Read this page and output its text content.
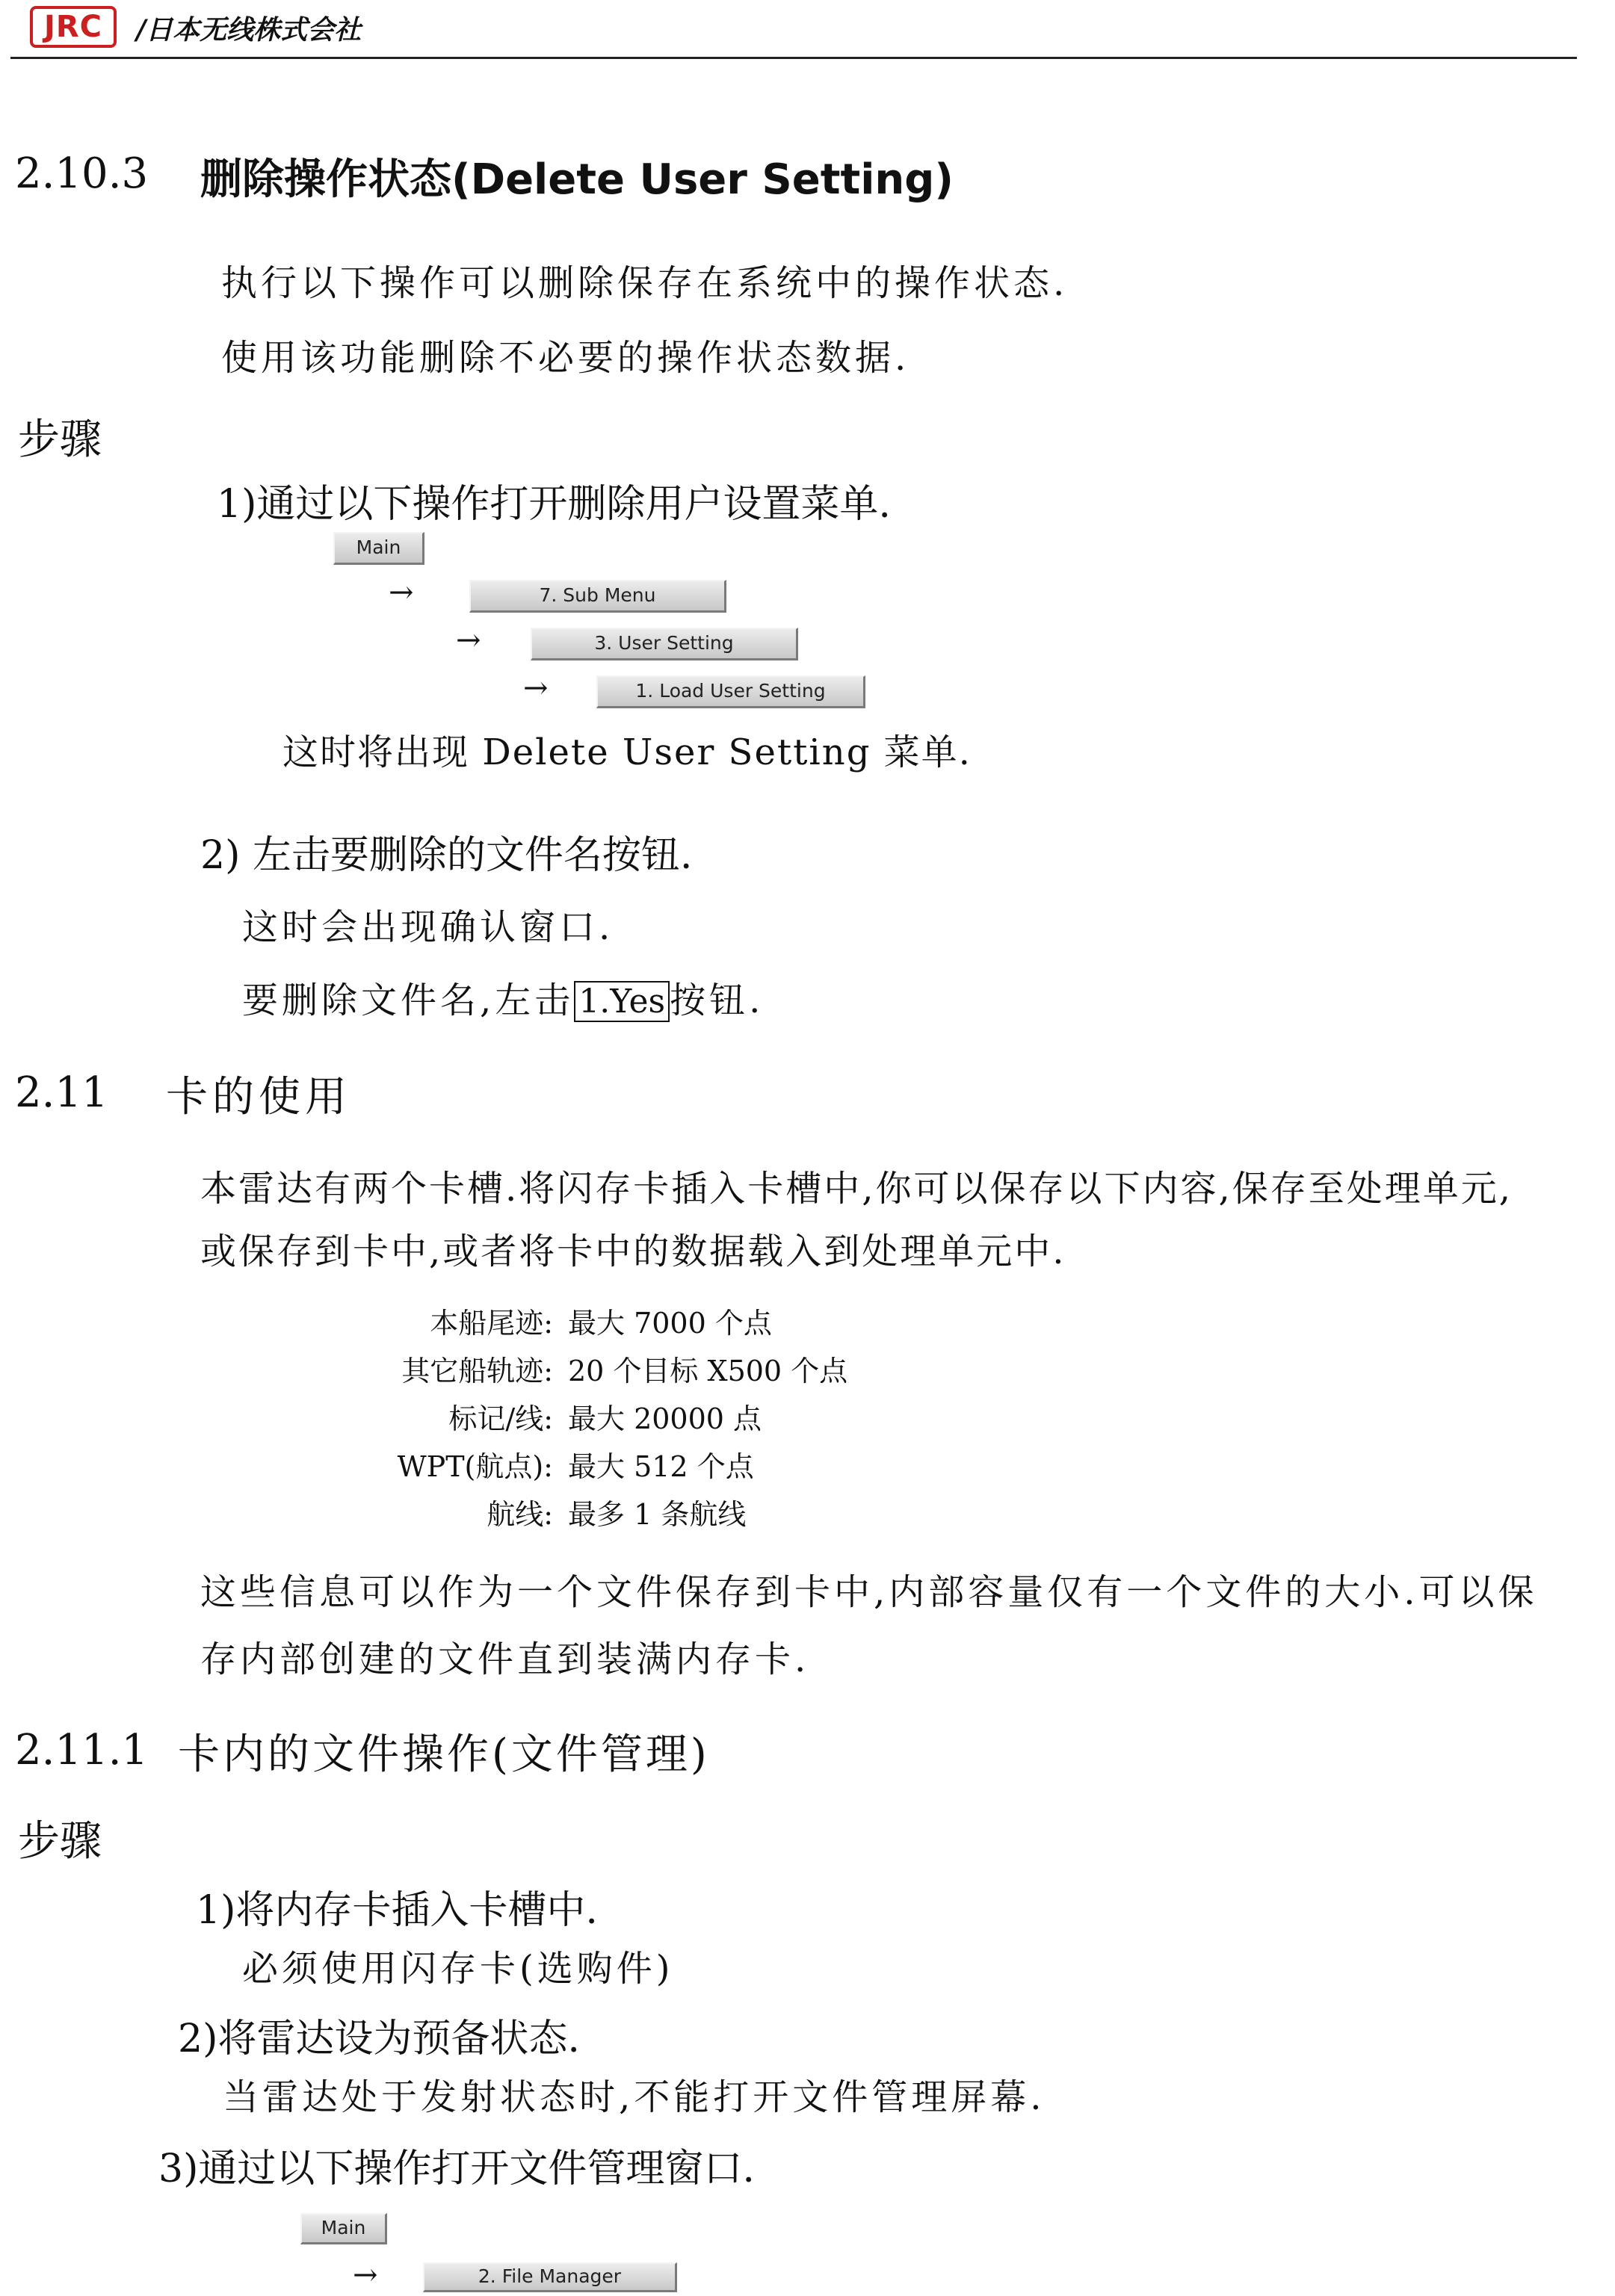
JRC	/日本无线株式会社
2.10.3 删除操作状态(Delete User Setting)
执行以下操作可以删除保存在系统中的操作状态.
使用该功能删除不必要的操作状态数据.
步骤
1)通过以下操作打开删除用户设置菜单.
Main
→	7. Sub Menu
→	3. User Setting
→	1. Load User Setting
这时将出现 Delete User Setting 菜单.
2) 左击要删除的文件名按钮.
这时会出现确认窗口.
要删除文件名,左击 1.Yes 按钮.
2.11 卡的使用
本雷达有两个卡槽.将闪存卡插入卡槽中,你可以保存以下内容,保存至处理单元,
或保存到卡中,或者将卡中的数据载入到处理单元中.
本船尾迹: 最大 7000 个点
其它船轨迹: 20 个目标 X500 个点
标记/线: 最大 20000 点
WPT(航点): 最大 512 个点
航线: 最多 1 条航线
这些信息可以作为一个文件保存到卡中,内部容量仅有一个文件的大小.可以保
存内部创建的文件直到装满内存卡.
2.11.1 卡内的文件操作(文件管理)
步骤
1)将内存卡插入卡槽中.
必须使用闪存卡(选购件)
2)将雷达设为预备状态.
当雷达处于发射状态时,不能打开文件管理屏幕.
3)通过以下操作打开文件管理窗口.
Main
→	2. File Manager
